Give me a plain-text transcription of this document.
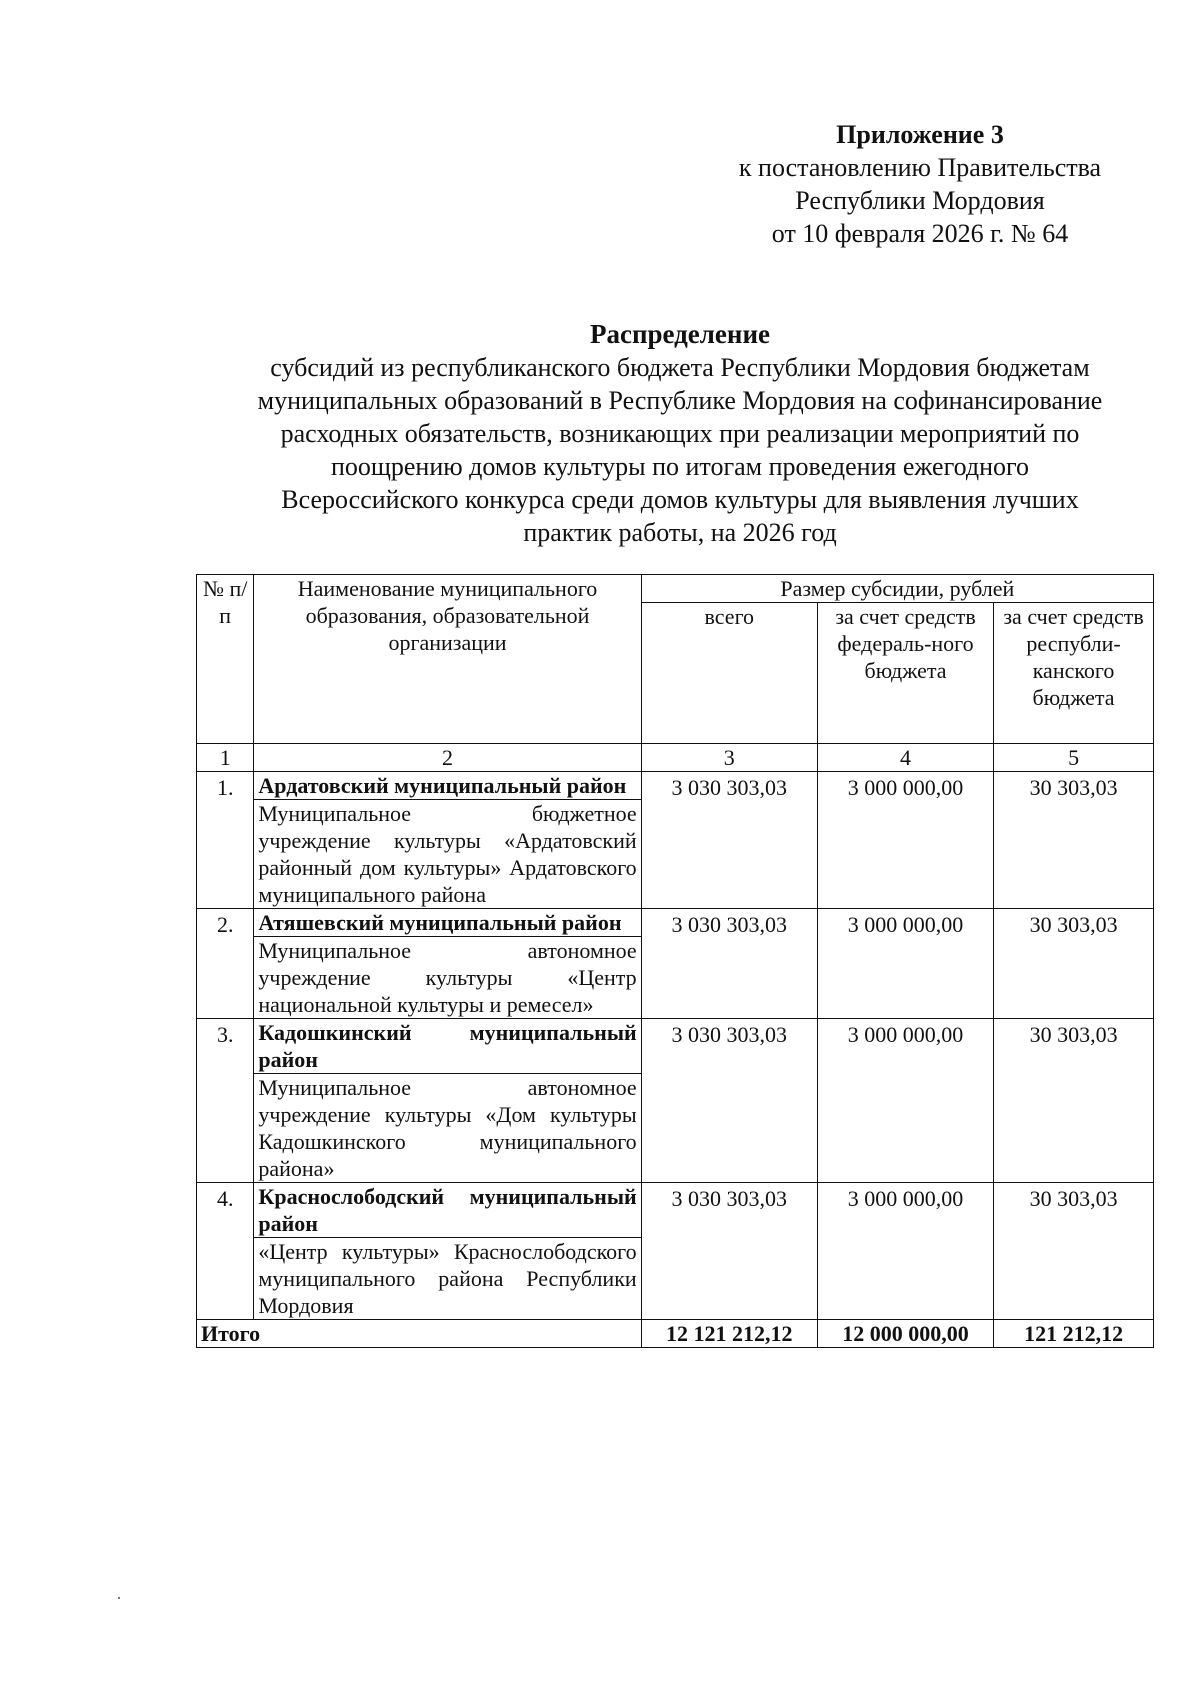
Приложение 3
к постановлению Правительства
Республики Мордовия
от 10 февраля 2026 г. № 64
Распределение
субсидий из республиканского бюджета Республики Мордовия бюджетам
муниципальных образований в Республике Мордовия на софинансирование
расходных обязательств, возникающих при реализации мероприятий по
поощрению домов культуры по итогам проведения ежегодного
Всероссийского конкурса среди домов культуры для выявления лучших
практик работы, на 2026 год
№ п/п	Наименование муниципального образования, образовательной организации	Размер субсидии, рублей		
		всего	за счет средств федераль-ного бюджета	за счет средств республи-канского бюджета
1	2	3	4	5
1.	Ардатовский муниципальный район	3 030 303,03	3 000 000,00	30 303,03
	Муниципальное бюджетное учреждение культуры «Ардатовский районный дом культуры» Ардатовского муниципального района			
2.	Атяшевский муниципальный район	3 030 303,03	3 000 000,00	30 303,03
	Муниципальное автономное учреждение культуры «Центр национальной культуры и ремесел»			
3.	Кадошкинский муниципальный район	3 030 303,03	3 000 000,00	30 303,03
	Муниципальное автономное учреждение культуры «Дом культуры Кадошкинского муниципального района»			
4.	Краснослободский муниципальный район	3 030 303,03	3 000 000,00	30 303,03
	«Центр культуры» Краснослободского муниципального района Республики Мордовия			
Итого		12 121 212,12	12 000 000,00	121 212,12
